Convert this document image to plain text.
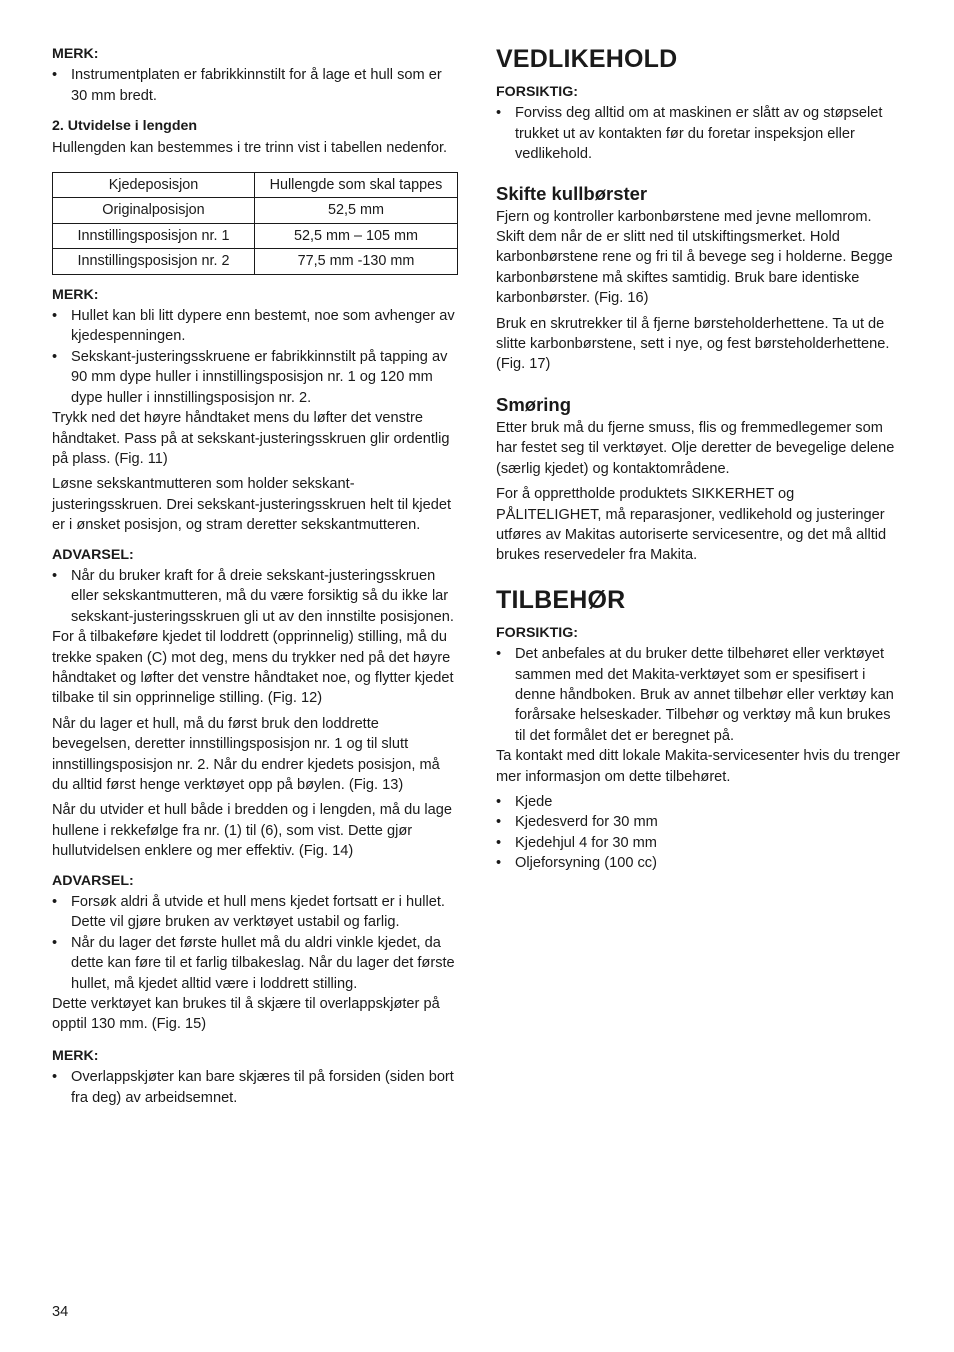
MERK:
• Instrumentplaten er fabrikkinnstilt for å lage et hull som er 30 mm bredt.
2. Utvidelse i lengden

Hullengden kan bestemmes i tre trinn vist i tabellen nedenfor.

Kjedeposisjon	Hullengde som skal tappes
Originalposisjon	52,5 mm
Innstillingsposisjon nr. 1	52,5 mm – 105 mm
Innstillingsposisjon nr. 2	77,5 mm -130 mm
MERK:
• Hullet kan bli litt dypere enn bestemt, noe som avhenger av kjedespenningen.
• Sekskant-justeringsskruene er fabrikkinnstilt på tapping av 90 mm dype huller i innstillingsposisjon nr. 1 og 120 mm dype huller i innstillingsposisjon nr. 2.

Trykk ned det høyre håndtaket mens du løfter det venstre håndtaket. Pass på at sekskant-justeringsskruen glir ordentlig på plass. (Fig. 11)

Løsne sekskantmutteren som holder sekskant-justeringsskruen. Drei sekskant-justeringsskruen helt til kjedet er i ønsket posisjon, og stram deretter sekskantmutteren.

ADVARSEL:
• Når du bruker kraft for å dreie sekskant-justeringsskruen eller sekskantmutteren, må du være forsiktig så du ikke lar sekskant-justeringsskruen gli ut av den innstilte posisjonen.

For å tilbakeføre kjedet til loddrett (opprinnelig) stilling, må du trekke spaken (C) mot deg, mens du trykker ned på det høyre håndtaket og løfter det venstre håndtaket noe, og flytter kjedet tilbake til sin opprinnelige stilling. (Fig. 12)

Når du lager et hull, må du først bruk den loddrette bevegelsen, deretter innstillingsposisjon nr. 1 og til slutt innstillingsposisjon nr. 2. Når du endrer kjedets posisjon, må du alltid først henge verktøyet opp på bøylen. (Fig. 13)

Når du utvider et hull både i bredden og i lengden, må du lage hullene i rekkefølge fra nr. (1) til (6), som vist. Dette gjør hullutvidelsen enklere og mer effektiv. (Fig. 14)

ADVARSEL:
• Forsøk aldri å utvide et hull mens kjedet fortsatt er i hullet. Dette vil gjøre bruken av verktøyet ustabil og farlig.
• Når du lager det første hullet må du aldri vinkle kjedet, da dette kan føre til et farlig tilbakeslag. Når du lager det første hullet, må kjedet alltid være i loddrett stilling.

Dette verktøyet kan brukes til å skjære til overlappskjøter på opptil 130 mm. (Fig. 15)

MERK:
• Overlappskjøter kan bare skjæres til på forsiden (siden bort fra deg) av arbeidsemnet.
VEDLIKEHOLD
FORSIKTIG:
• Forviss deg alltid om at maskinen er slått av og støpselet trukket ut av kontakten før du foretar inspeksjon eller vedlikehold.
Skifte kullbørster

Fjern og kontroller karbonbørstene med jevne mellomrom. Skift dem når de er slitt ned til utskiftingsmerket. Hold karbonbørstene rene og fri til å bevege seg i holderne. Begge karbonbørstene må skiftes samtidig. Bruk bare identiske karbonbørster. (Fig. 16)

Bruk en skrutrekker til å fjerne børsteholderhettene. Ta ut de slitte karbonbørstene, sett i nye, og fest børsteholderhettene. (Fig. 17)

Smøring

Etter bruk må du fjerne smuss, flis og fremmedlegemer som har festet seg til verktøyet. Olje deretter de bevegelige delene (særlig kjedet) og kontaktområdene.

For å opprettholde produktets SIKKERHET og PÅLITELIGHET, må reparasjoner, vedlikehold og justeringer utføres av Makitas autoriserte servicesentre, og det må alltid brukes reservedeler fra Makita.

TILBEHØR
FORSIKTIG:
• Det anbefales at du bruker dette tilbehøret eller verktøyet sammen med det Makita-verktøyet som er spesifisert i denne håndboken. Bruk av annet tilbehør eller verktøy kan forårsake helseskader. Tilbehør og verktøy må kun brukes til det formålet det er beregnet på.

Ta kontakt med ditt lokale Makita-servicesenter hvis du trenger mer informasjon om dette tilbehøret.

• Kjede
• Kjedesverd for 30 mm
• Kjedehjul 4 for 30 mm
• Oljeforsyning (100 cc)
34
